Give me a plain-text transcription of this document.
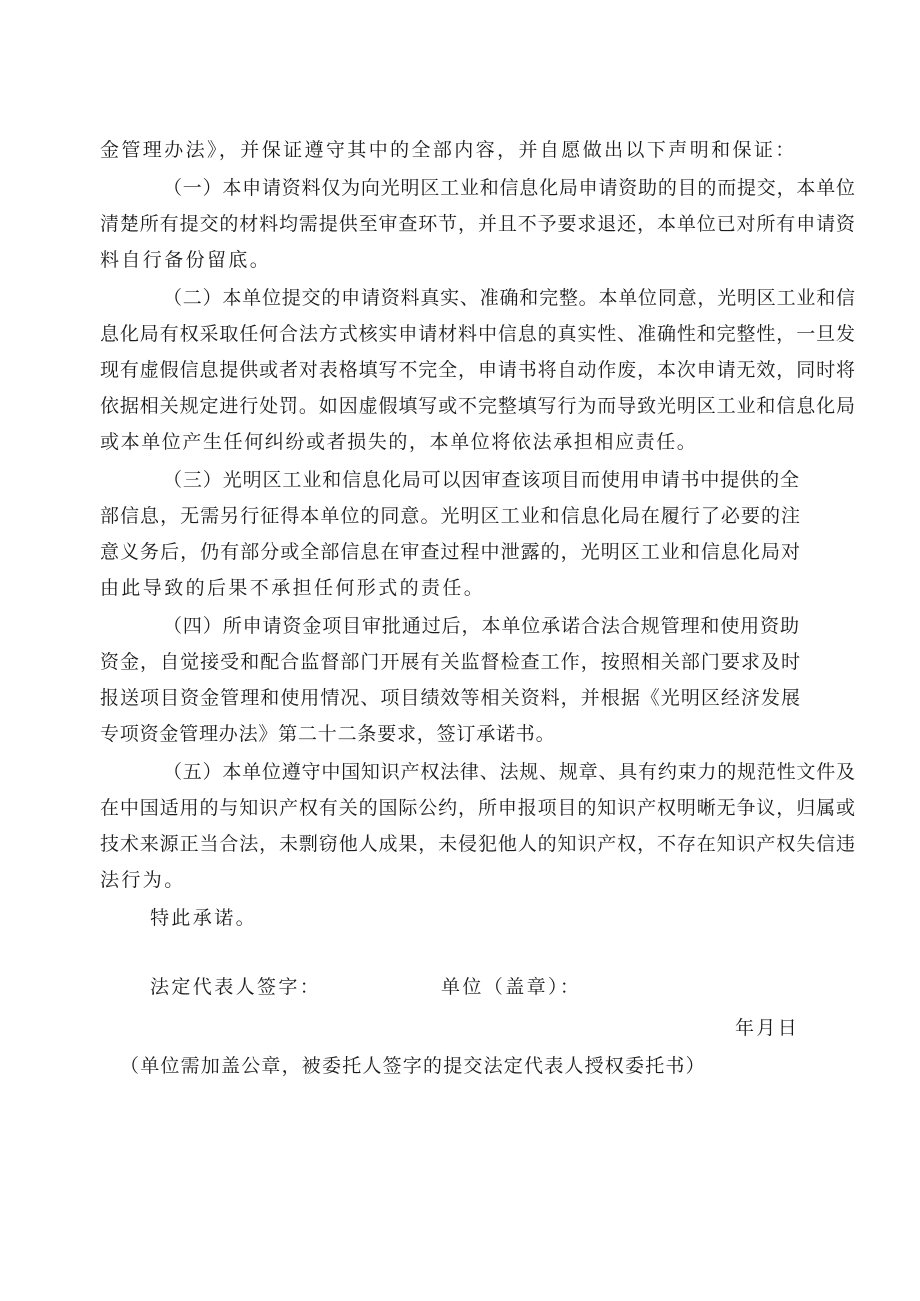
金管理办法》，并保证遵守其中的全部内容，并自愿做出以下声明和保证：
（一）本申请资料仅为向光明区工业和信息化局申请资助的目的而提交，本单位
清楚所有提交的材料均需提供至审查环节，并且不予要求退还，本单位已对所有申请资
料自行备份留底。
（二）本单位提交的申请资料真实、准确和完整。本单位同意，光明区工业和信
息化局有权采取任何合法方式核实申请材料中信息的真实性、准确性和完整性，一旦发
现有虚假信息提供或者对表格填写不完全，申请书将自动作废，本次申请无效，同时将
依据相关规定进行处罚。如因虚假填写或不完整填写行为而导致光明区工业和信息化局
或本单位产生任何纠纷或者损失的，本单位将依法承担相应责任。
（三）光明区工业和信息化局可以因审查该项目而使用申请书中提供的全
部信息，无需另行征得本单位的同意。光明区工业和信息化局在履行了必要的注
意义务后，仍有部分或全部信息在审查过程中泄露的，光明区工业和信息化局对
由此导致的后果不承担任何形式的责任。
（四）所申请资金项目审批通过后，本单位承诺合法合规管理和使用资助
资金，自觉接受和配合监督部门开展有关监督检查工作，按照相关部门要求及时
报送项目资金管理和使用情况、项目绩效等相关资料，并根据《光明区经济发展
专项资金管理办法》第二十二条要求，签订承诺书。
（五）本单位遵守中国知识产权法律、法规、规章、具有约束力的规范性文件及
在中国适用的与知识产权有关的国际公约，所申报项目的知识产权明晰无争议，归属或
技术来源正当合法，未剽窃他人成果，未侵犯他人的知识产权，不存在知识产权失信违
法行为。
特此承诺。
法定代表人签字：	单位（盖章）：
年月日
（单位需加盖公章，被委托人签字的提交法定代表人授权委托书）
